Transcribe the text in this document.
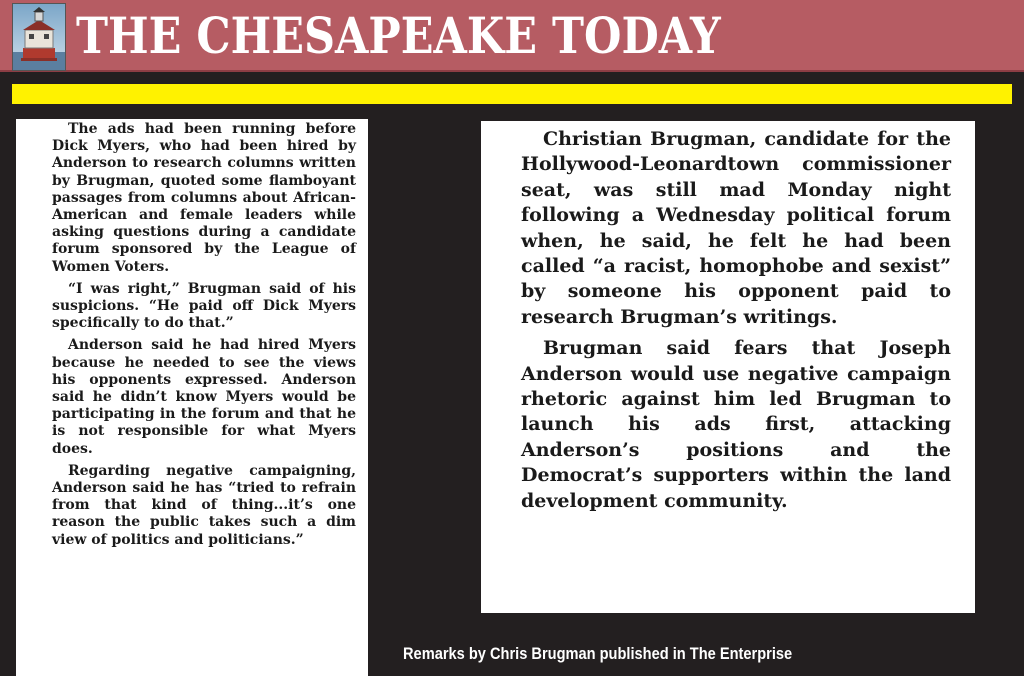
THE CHESAPEAKE TODAY

The ads had been running before Dick Myers, who had been hired by Anderson to research columns written by Brugman, quoted some flamboyant passages from columns about African-American and female leaders while asking questions during a candidate forum sponsored by the League of Women Voters.

“I was right,” Brugman said of his suspicions. “He paid off Dick Myers specifically to do that.”

Anderson said he had hired Myers because he needed to see the views his opponents expressed. Anderson said he didn’t know Myers would be participating in the forum and that he is not responsible for what Myers does.

Regarding negative campaigning, Anderson said he has “tried to refrain from that kind of thing...it’s one reason the public takes such a dim view of politics and politicians.”

Christian Brugman, candidate for the Hollywood-Leonardtown commissioner seat, was still mad Monday night following a Wednesday political forum when, he said, he felt he had been called “a racist, homophobe and sexist” by someone his opponent paid to research Brugman’s writings.

Brugman said fears that Joseph Anderson would use negative campaign rhetoric against him led Brugman to launch his ads first, attacking Anderson’s positions and the Democrat’s supporters within the land development community.

Remarks by Chris Brugman published in The Enterprise
